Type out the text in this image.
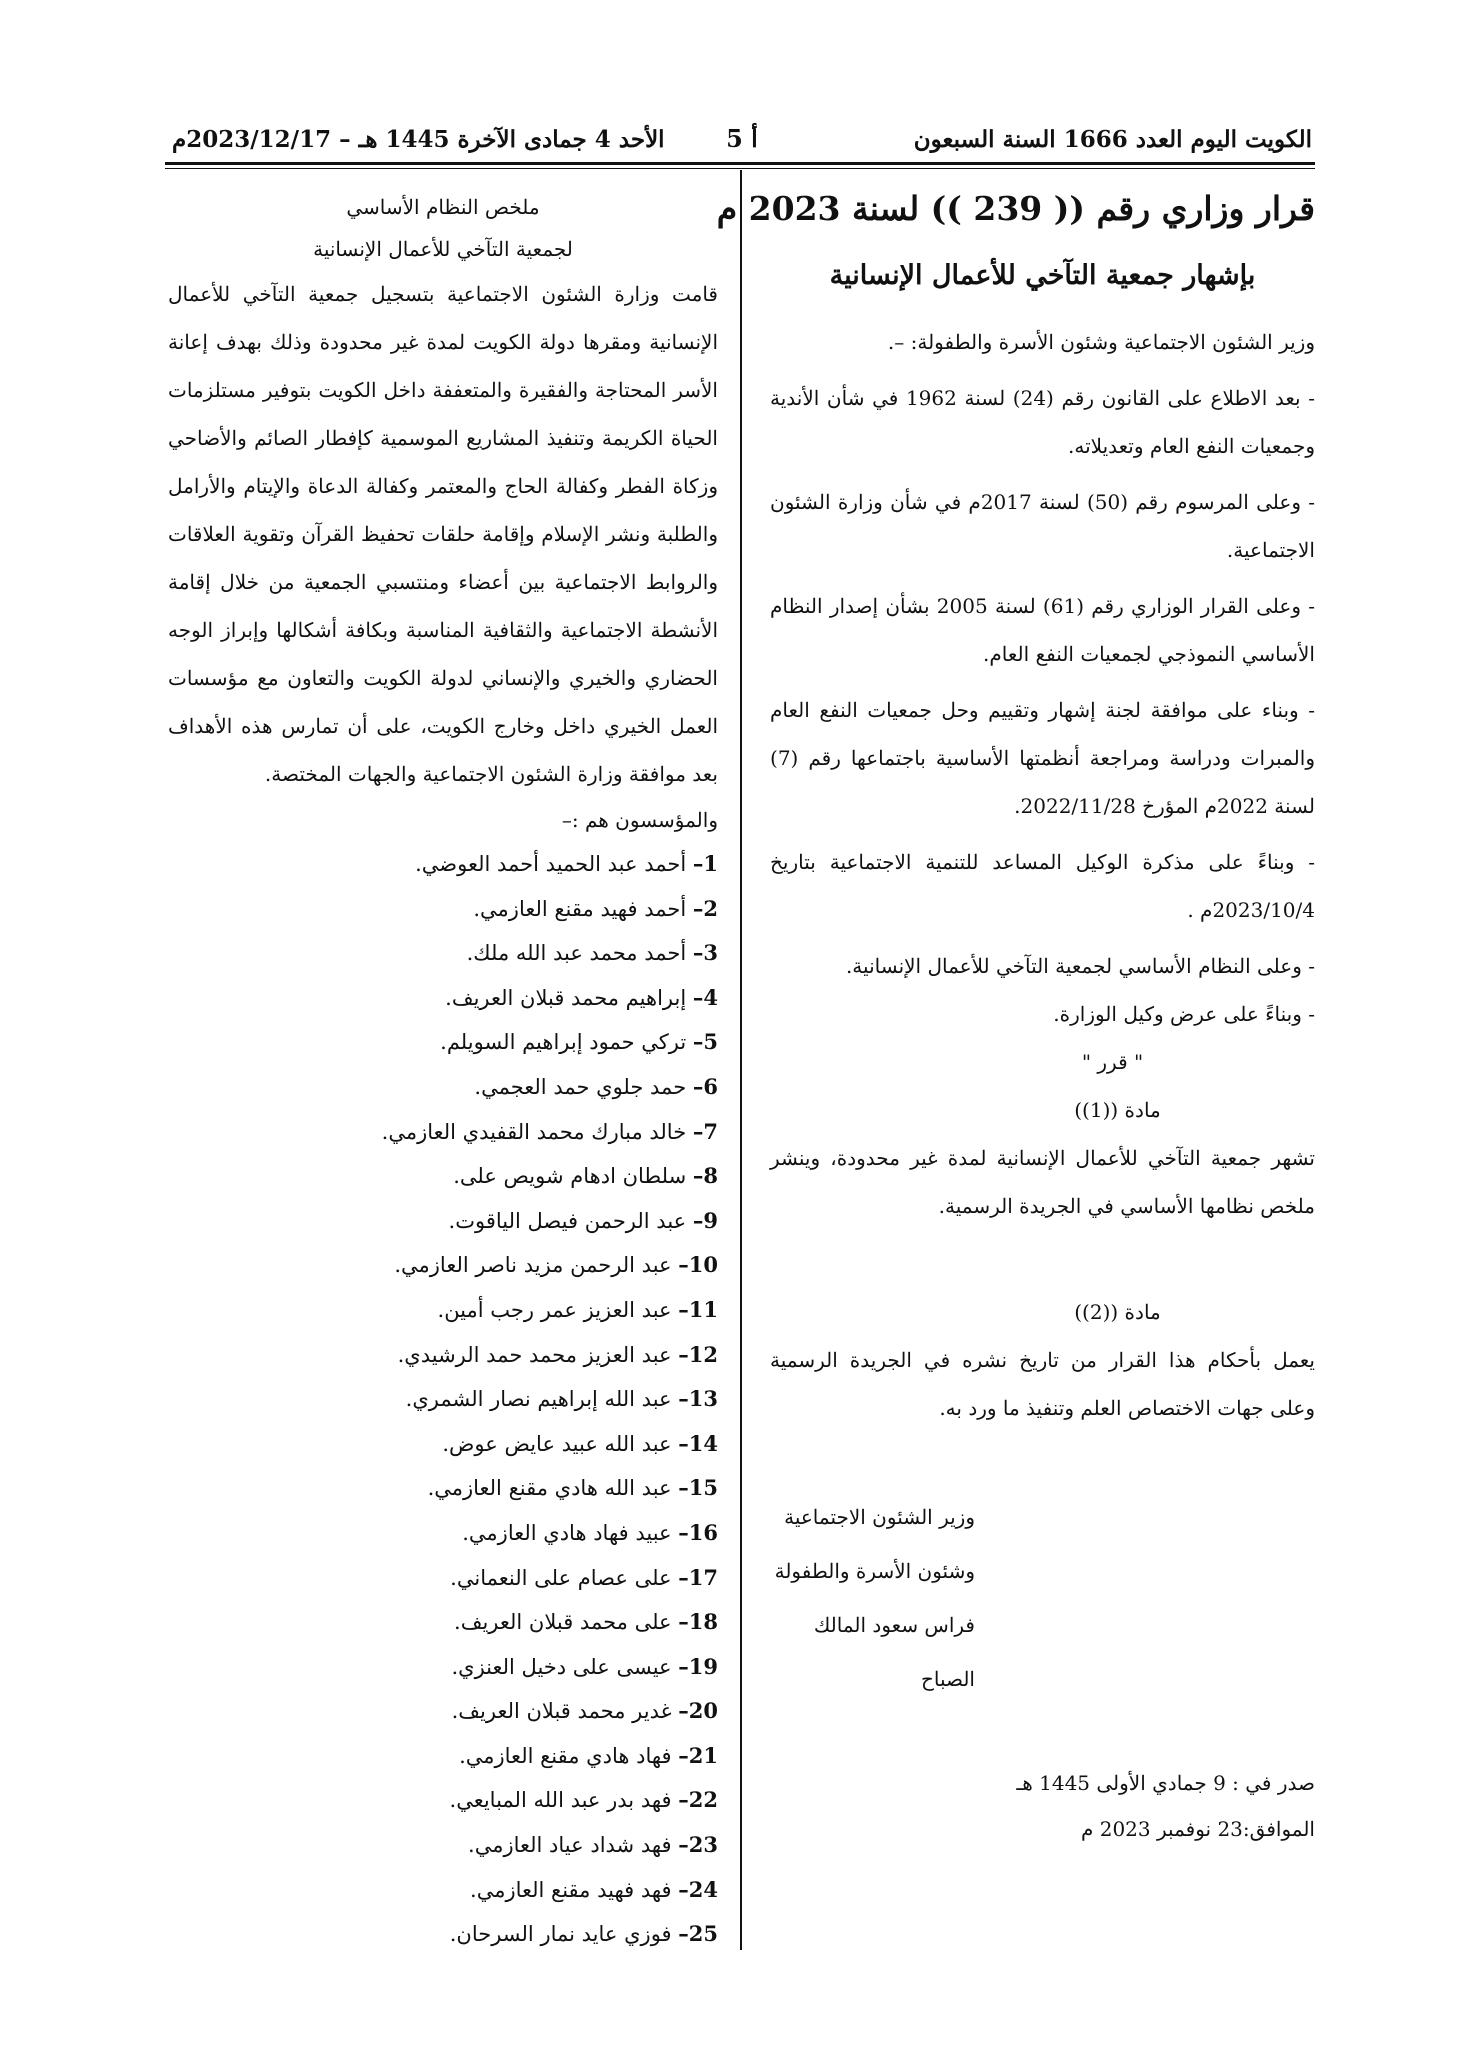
الكويت اليوم العدد 1666 السنة السبعون
أ 5
الأحد 4 جمادى الآخرة 1445 هـ – 2023/12/17م
قرار وزاري رقم (( 239 )) لسنة 2023 م
بإشهار جمعية التآخي للأعمال الإنسانية

وزير الشئون الاجتماعية وشئون الأسرة والطفولة: –.

- بعد الاطلاع على القانون رقم (24) لسنة 1962 في شأن الأندية وجمعيات النفع العام وتعديلاته.

- وعلى المرسوم رقم (50) لسنة 2017م في شأن وزارة الشئون الاجتماعية.

- وعلى القرار الوزاري رقم (61) لسنة 2005 بشأن إصدار النظام الأساسي النموذجي لجمعيات النفع العام.

- وبناء على موافقة لجنة إشهار وتقييم وحل جمعيات النفع العام والمبرات ودراسة ومراجعة أنظمتها الأساسية باجتماعها رقم (7) لسنة 2022م المؤرخ 2022/11/28.

- وبناءً على مذكرة الوكيل المساعد للتنمية الاجتماعية بتاريخ 2023/10/4م .

- وعلى النظام الأساسي لجمعية التآخي للأعمال الإنسانية.

- وبناءً على عرض وكيل الوزارة.

" قرر "
مادة ((1))

تشهر جمعية التآخي للأعمال الإنسانية لمدة غير محدودة، وينشر ملخص نظامها الأساسي في الجريدة الرسمية.

مادة ((2))

يعمل بأحكام هذا القرار من تاريخ نشره في الجريدة الرسمية وعلى جهات الاختصاص العلم وتنفيذ ما ورد به.

وزير الشئون الاجتماعية
وشئون الأسرة والطفولة
فراس سعود المالك الصباح
صدر في : 9 جمادي الأولى 1445 هـ
الموافق:23 نوفمبر 2023 م

ملخص النظام الأساسي

لجمعية التآخي للأعمال الإنسانية

قامت وزارة الشئون الاجتماعية بتسجيل جمعية التآخي للأعمال الإنسانية ومقرها دولة الكويت لمدة غير محدودة وذلك بهدف إعانة الأسر المحتاجة والفقيرة والمتعففة داخل الكويت بتوفير مستلزمات الحياة الكريمة وتنفيذ المشاريع الموسمية كإفطار الصائم والأضاحي وزكاة الفطر وكفالة الحاج والمعتمر وكفالة الدعاة والإيتام والأرامل والطلبة ونشر الإسلام وإقامة حلقات تحفيظ القرآن وتقوية العلاقات والروابط الاجتماعية بين أعضاء ومنتسبي الجمعية من خلال إقامة الأنشطة الاجتماعية والثقافية المناسبة وبكافة أشكالها وإبراز الوجه الحضاري والخيري والإنساني لدولة الكويت والتعاون مع مؤسسات العمل الخيري داخل وخارج الكويت، على أن تمارس هذه الأهداف بعد موافقة وزارة الشئون الاجتماعية والجهات المختصة.

والمؤسسون هم :–

1– أحمد عبد الحميد أحمد العوضي.
2– أحمد فهيد مقنع العازمي.
3– أحمد محمد عبد الله ملك.
4– إبراهيم محمد قبلان العريف.
5– تركي حمود إبراهيم السويلم.
6– حمد جلوي حمد العجمي.
7– خالد مبارك محمد القفيدي العازمي.
8– سلطان ادهام شويص على.
9– عبد الرحمن فيصل الياقوت.
10– عبد الرحمن مزيد ناصر العازمي.
11– عبد العزيز عمر رجب أمين.
12– عبد العزيز محمد حمد الرشيدي.
13– عبد الله إبراهيم نصار الشمري.
14– عبد الله عبيد عايض عوض.
15– عبد الله هادي مقنع العازمي.
16– عبيد فهاد هادي العازمي.
17– على عصام على النعماني.
18– على محمد قبلان العريف.
19– عيسى على دخيل العنزي.
20– غدير محمد قبلان العريف.
21– فهاد هادي مقنع العازمي.
22– فهد بدر عبد الله المبايعي.
23– فهد شداد عياد العازمي.
24– فهد فهيد مقنع العازمي.
25– فوزي عايد نمار السرحان.
